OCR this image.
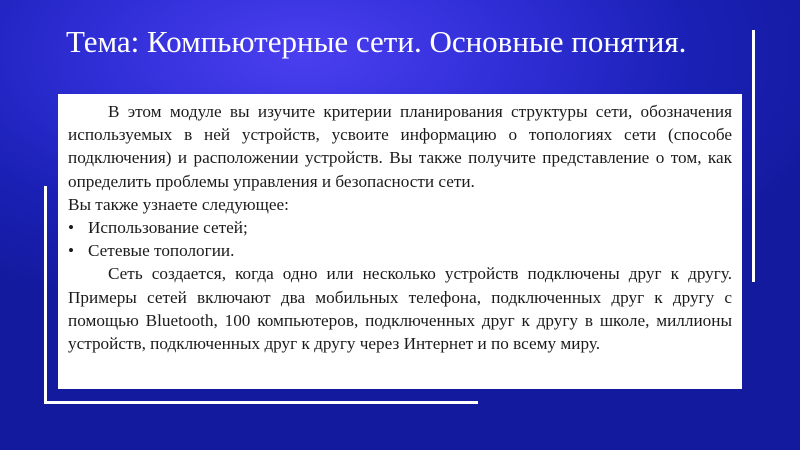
Тема: Компьютерные сети. Основные понятия.

В этом модуле вы изучите критерии планирования структуры сети, обозначения используемых в ней устройств, усвоите информацию о топологиях сети (способе подключения) и расположении устройств. Вы также получите представление о том, как определить проблемы управления и безопасности сети.

Вы также узнаете следующее:

• Использование сетей;
• Сетевые топологии.

Сеть создается, когда одно или несколько устройств подключены друг к другу. Примеры сетей включают два мобильных телефона, подключенных друг к другу с помощью Bluetooth, 100 компьютеров, подключенных друг к другу в школе, миллионы устройств, подключенных друг к другу через Интернет и по всему миру.
